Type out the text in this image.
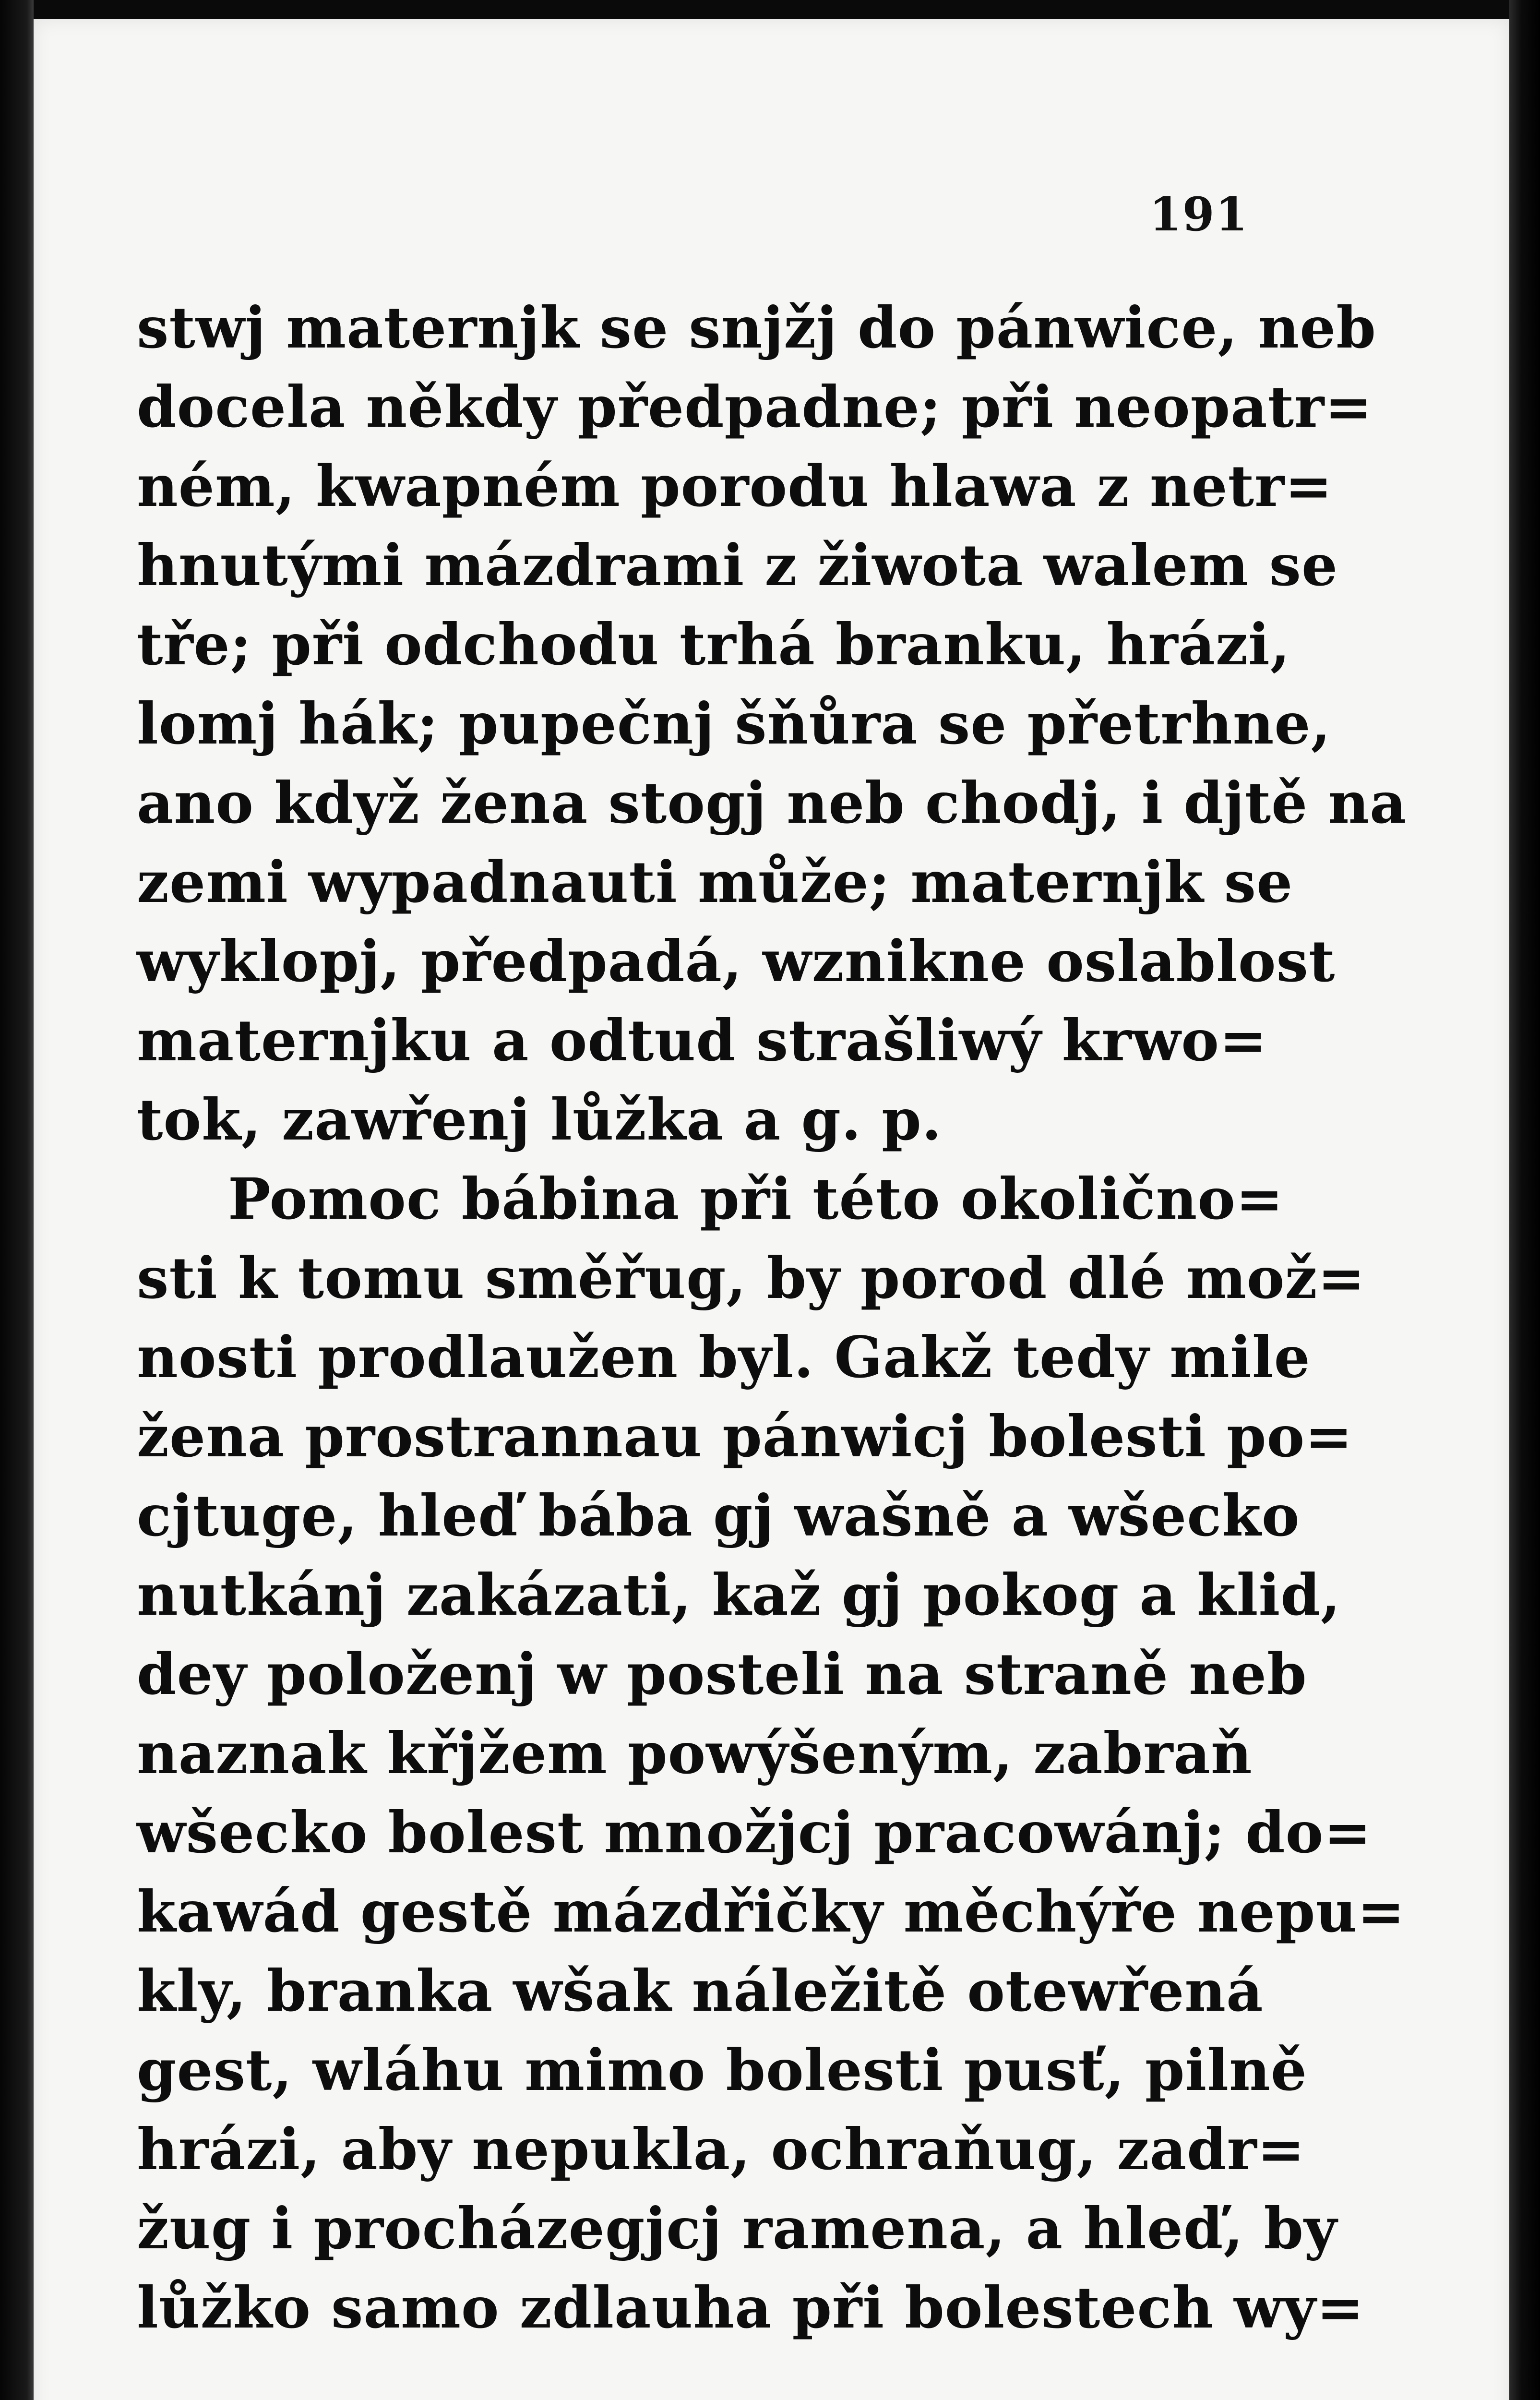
191
stwj maternjk se snjžj do pánwice, neb
docela někdy předpadne; při neopatr=
ném, kwapném porodu hlawa z netr=
hnutými mázdrami z žiwota walem se
tře; při odchodu trhá branku, hrázi,
lomj hák; pupečnj šňůra se přetrhne,
ano když žena stogj neb chodj, i djtě na
zemi wypadnauti může; maternjk se
wyklopj, předpadá, wznikne oslablost
maternjku a odtud strašliwý krwo=
tok, zawřenj lůžka a g. p.
Pomoc bábina při této okolično=
sti k tomu směřug, by porod dlé mož=
nosti prodlaužen byl. Gakž tedy mile
žena prostrannau pánwicj bolesti po=
cjtuge, hleď bába gj wašně a wšecko
nutkánj zakázati, kaž gj pokog a klid,
dey položenj w posteli na straně neb
naznak křjžem powýšeným, zabraň
wšecko bolest množjcj pracowánj; do=
kawád gestě mázdřičky měchýře nepu=
kly, branka wšak náležitě otewřená
gest, wláhu mimo bolesti pusť, pilně
hrázi, aby nepukla, ochraňug, zadr=
žug i procházegjcj ramena, a hleď, by
lůžko samo zdlauha při bolestech wy=
